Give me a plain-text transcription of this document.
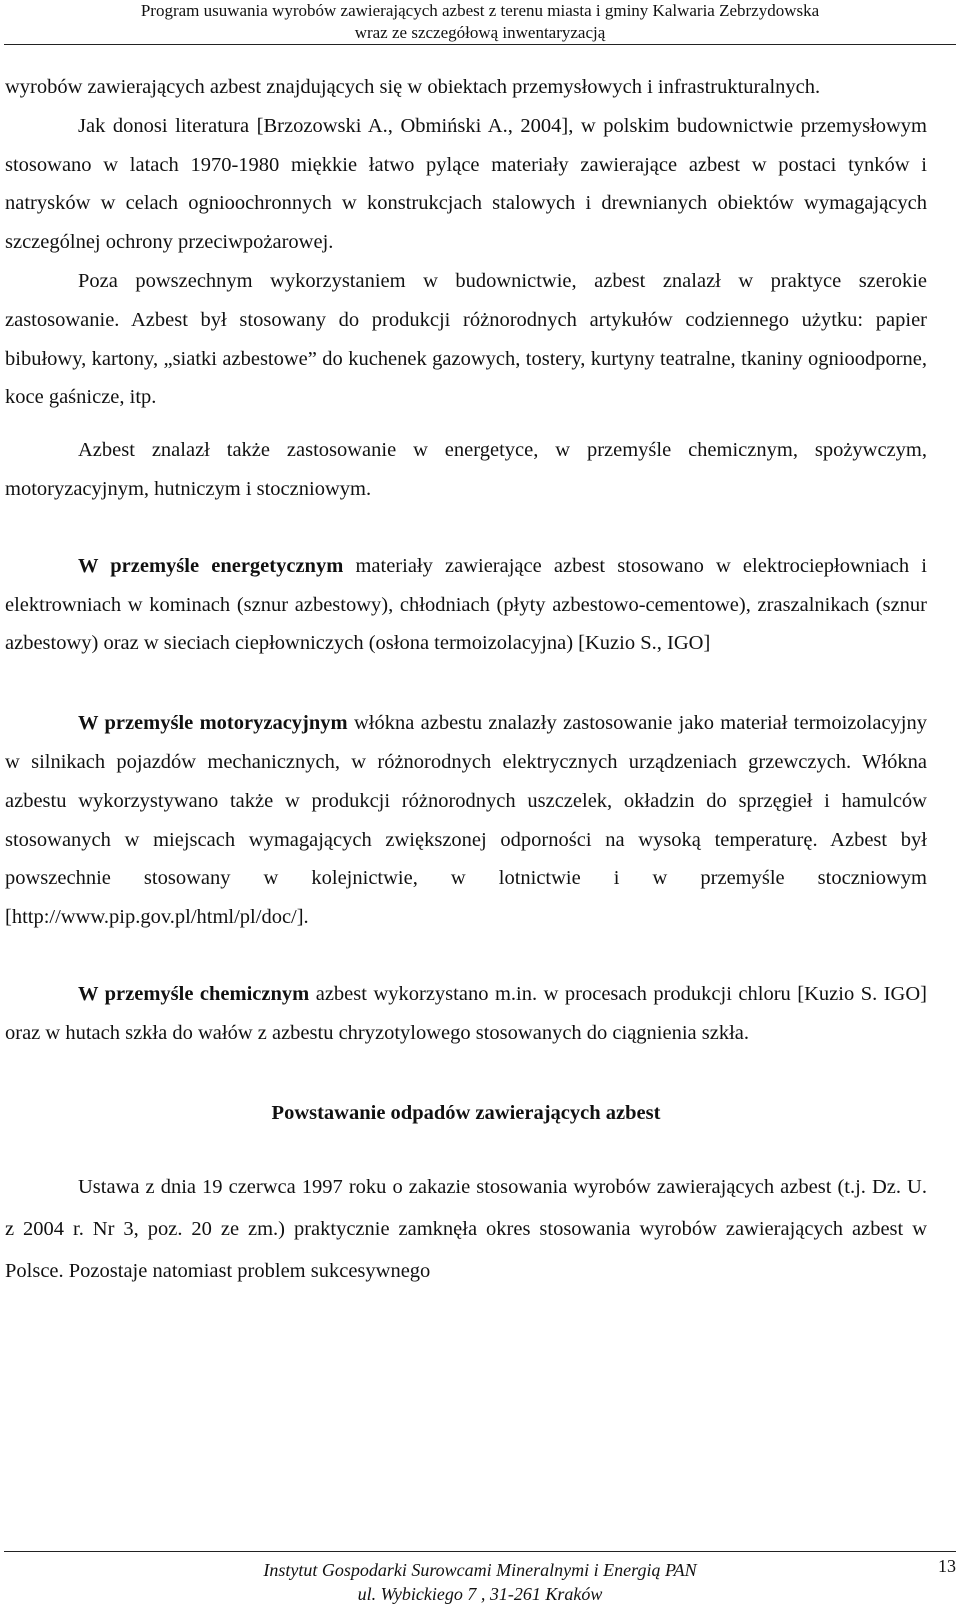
Program usuwania wyrobów zawierających azbest z terenu miasta i gminy Kalwaria Zebrzydowska
wraz ze szczegółową inwentaryzacją

wyrobów zawierających azbest znajdujących się w obiektach przemysłowych i infrastrukturalnych.

Jak donosi literatura [Brzozowski A., Obmiński A., 2004], w polskim budownictwie przemysłowym stosowano w latach 1970-1980 miękkie łatwo pylące materiały zawierające azbest w postaci tynków i natrysków w celach ognioochronnych w konstrukcjach stalowych i drewnianych obiektów wymagających szczególnej ochrony przeciwpożarowej.

Poza powszechnym wykorzystaniem w budownictwie, azbest znalazł w praktyce szerokie zastosowanie. Azbest był stosowany do produkcji różnorodnych artykułów codziennego użytku: papier bibułowy, kartony, „siatki azbestowe” do kuchenek gazowych, tostery, kurtyny teatralne, tkaniny ognioodporne, koce gaśnicze, itp.

Azbest znalazł także zastosowanie w energetyce, w przemyśle chemicznym, spożywczym, motoryzacyjnym, hutniczym i stoczniowym.

W przemyśle energetycznym materiały zawierające azbest stosowano w elektrociepłowniach i elektrowniach w kominach (sznur azbestowy), chłodniach (płyty azbestowo-cementowe), zraszalnikach (sznur azbestowy) oraz w sieciach ciepłowniczych (osłona termoizolacyjna) [Kuzio S., IGO]

W przemyśle motoryzacyjnym włókna azbestu znalazły zastosowanie jako materiał termoizolacyjny w silnikach pojazdów mechanicznych, w różnorodnych elektrycznych urządzeniach grzewczych. Włókna azbestu wykorzystywano także w produkcji różnorodnych uszczelek, okładzin do sprzęgieł i hamulców stosowanych w miejscach wymagających zwiększonej odporności na wysoką temperaturę. Azbest był powszechnie stosowany w kolejnictwie, w lotnictwie i w przemyśle stoczniowym [http://www.pip.gov.pl/html/pl/doc/].

W przemyśle chemicznym azbest wykorzystano m.in. w procesach produkcji chloru [Kuzio S. IGO] oraz w hutach szkła do wałów z azbestu chryzotylowego stosowanych do ciągnienia szkła.

Powstawanie odpadów zawierających azbest

Ustawa z dnia 19 czerwca 1997 roku o zakazie stosowania wyrobów zawierających azbest (t.j. Dz. U. z 2004 r. Nr 3, poz. 20 ze zm.) praktycznie zamknęła okres stosowania wyrobów zawierających azbest w Polsce. Pozostaje natomiast problem sukcesywnego

Instytut Gospodarki Surowcami Mineralnymi i Energią PAN
ul. Wybickiego 7 , 31-261 Kraków
13
